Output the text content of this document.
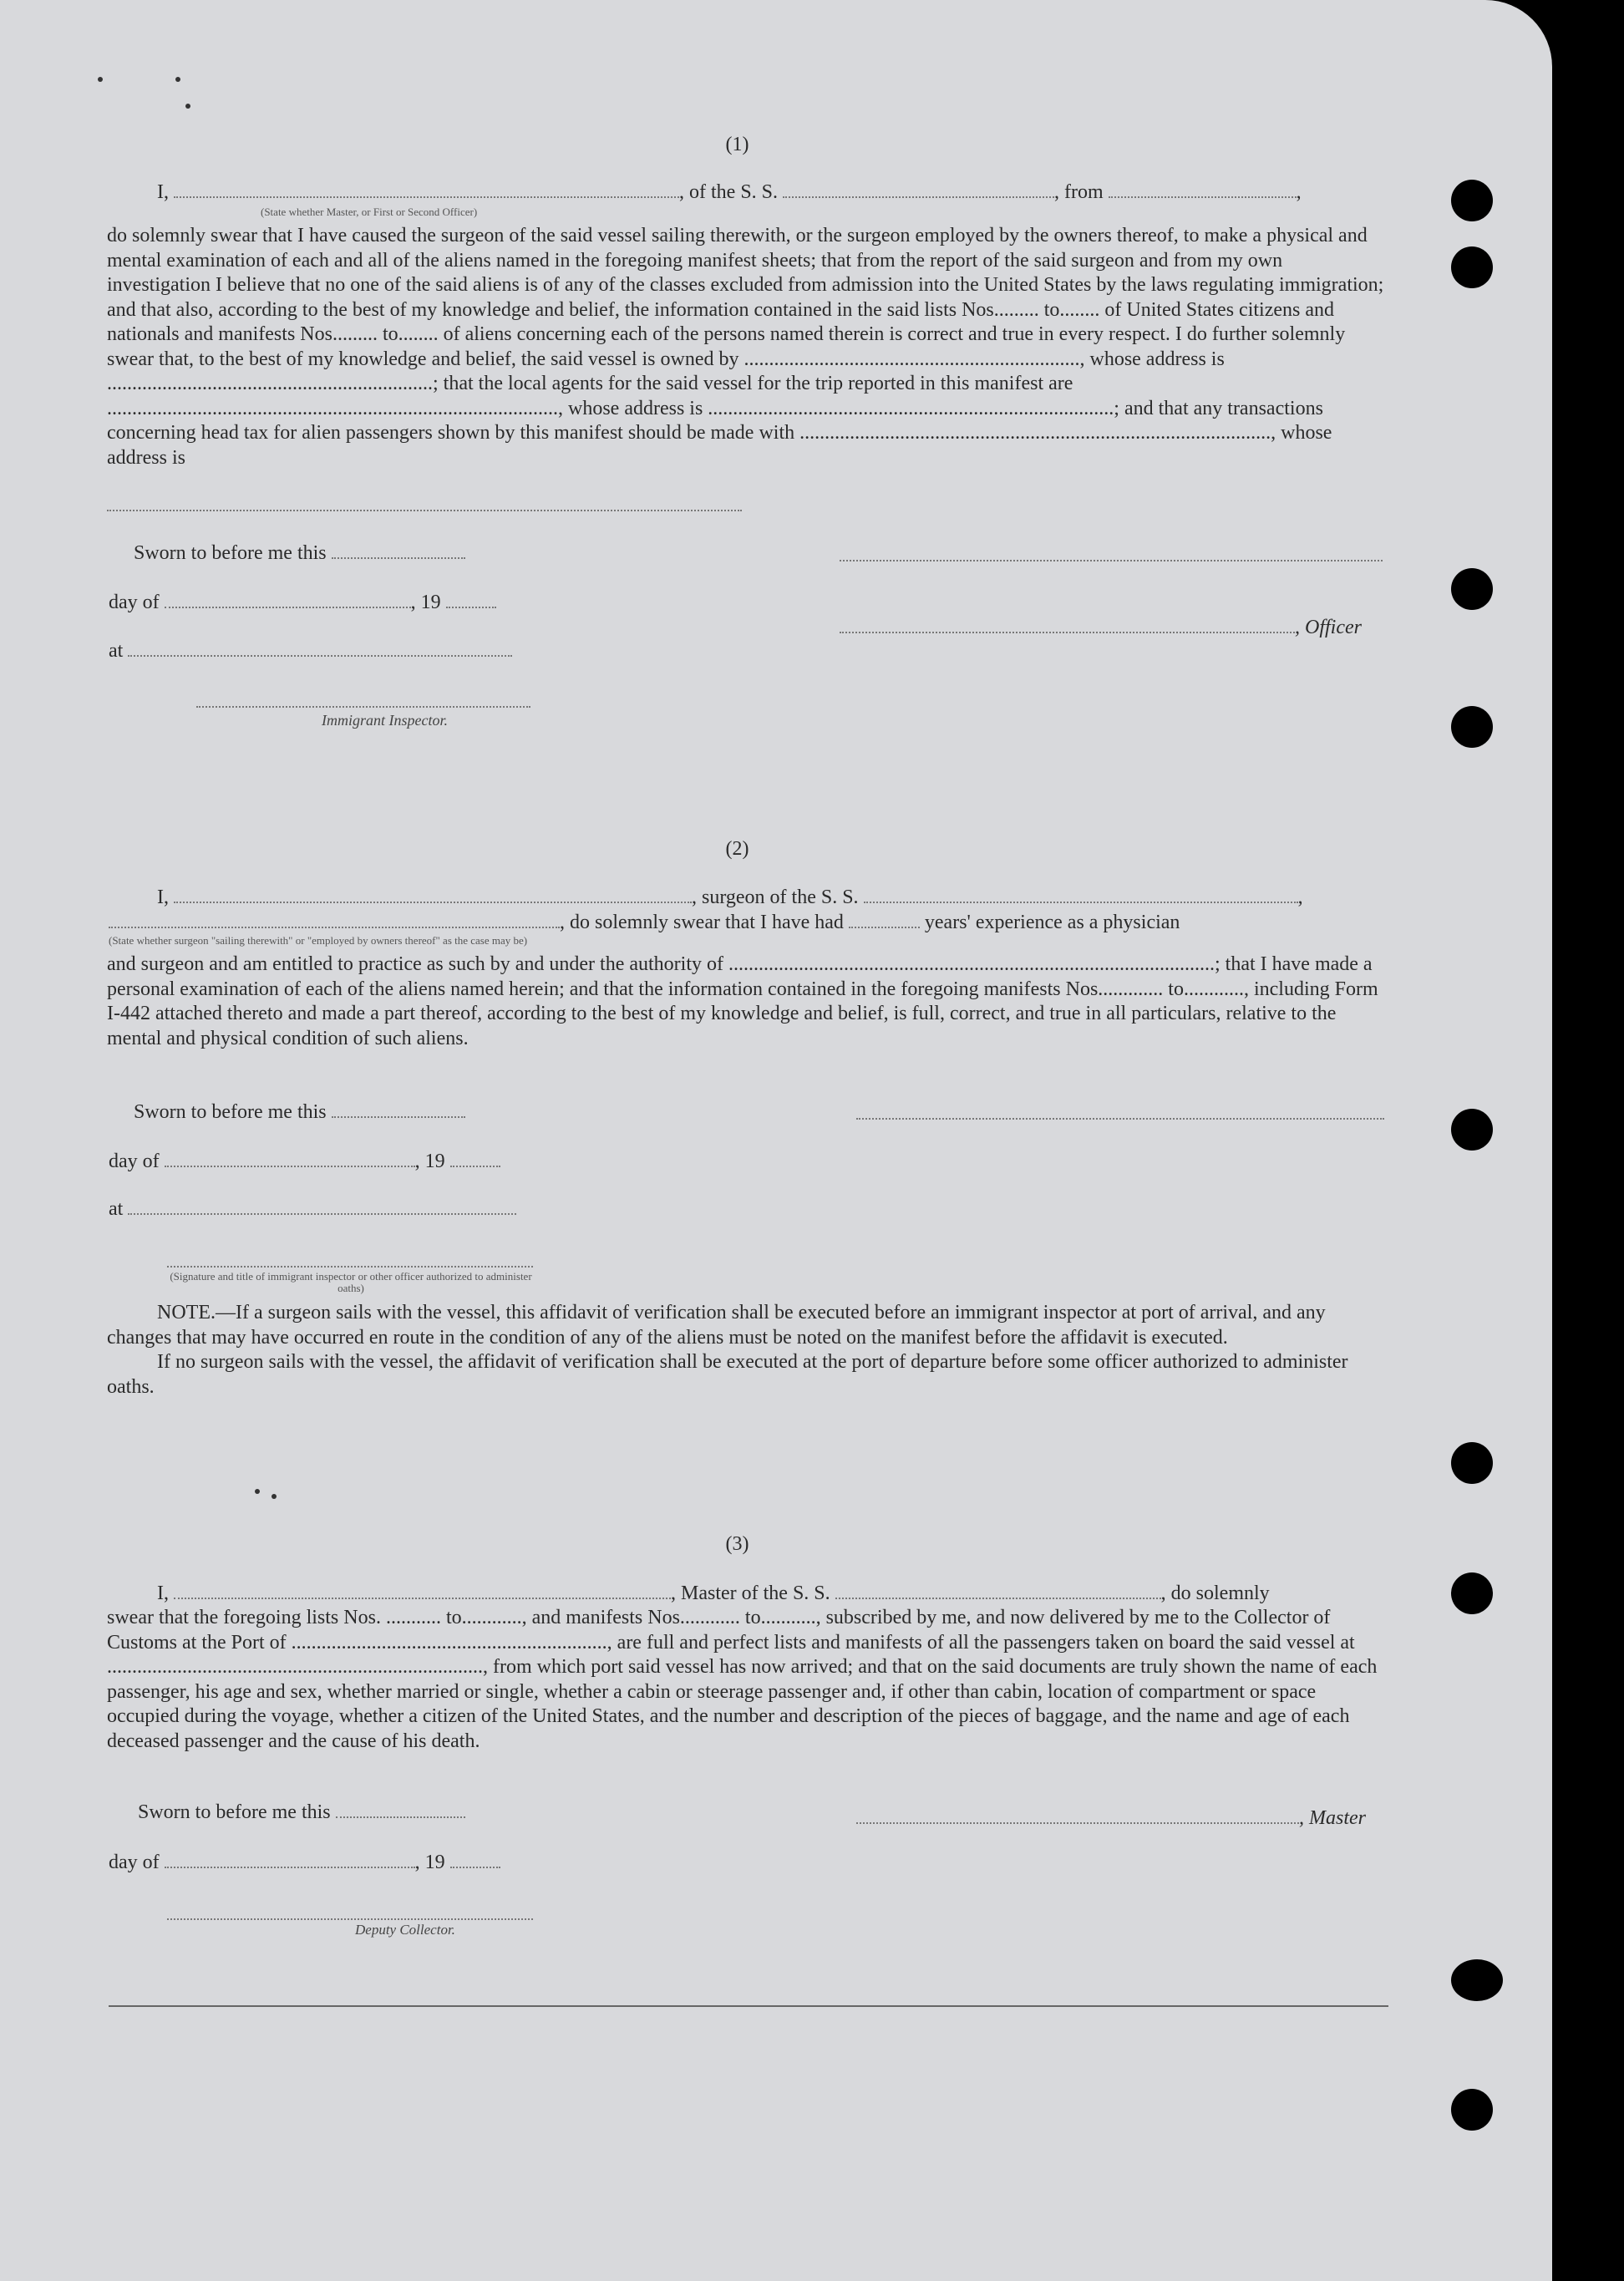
(1)
I,	, of the S. S.	, from	,
(State whether Master, or First or Second Officer)
do solemnly swear that I have caused the surgeon of the said vessel sailing therewith, or the surgeon employed by the owners thereof, to make a physical and mental examination of each and all of the aliens named in the foregoing manifest sheets; that from the report of the said surgeon and from my own investigation I believe that no one of the said aliens is of any of the classes excluded from admission into the United States by the laws regulating immigration; and that also, according to the best of my knowledge and belief, the information contained in the said lists Nos......... to........ of United States citizens and nationals and manifests Nos......... to........ of aliens concerning each of the persons named therein is correct and true in every respect. I do further solemnly swear that, to the best of my knowledge and belief, the said vessel is owned by ..................................................................., whose address is .................................................................; that the local agents for the said vessel for the trip reported in this manifest are .........................................................................................., whose address is .................................................................................; and that any transactions concerning head tax for alien passengers shown by this manifest should be made with .............................................................................................., whose address is
Sworn to before me this
day of	, 19
, Officer
at
Immigrant Inspector.
(2)
I,	, surgeon of the S. S.	,
, do solemnly swear that I have had	years' experience as a physician
(State whether surgeon "sailing therewith" or "employed by owners thereof" as the case may be)
and surgeon and am entitled to practice as such by and under the authority of .................................................................................................; that I have made a personal examination of each of the aliens named herein; and that the information contained in the foregoing manifests Nos............. to............, including Form I-442 attached thereto and made a part thereof, according to the best of my knowledge and belief, is full, correct, and true in all particulars, relative to the mental and physical condition of such aliens.
Sworn to before me this
day of	, 19
at
(Signature and title of immigrant inspector or other officer authorized to administer oaths)
NOTE.—If a surgeon sails with the vessel, this affidavit of verification shall be executed before an immigrant inspector at port of arrival, and any changes that may have occurred en route in the condition of any of the aliens must be noted on the manifest before the affidavit is executed.
If no surgeon sails with the vessel, the affidavit of verification shall be executed at the port of departure before some officer authorized to administer oaths.
(3)
I,	, Master of the S. S.	, do solemnly
swear that the foregoing lists Nos. ........... to............, and manifests Nos............ to..........., subscribed by me, and now delivered by me to the Collector of Customs at the Port of ..............................................................., are full and perfect lists and manifests of all the passengers taken on board the said vessel at ..........................................................................., from which port said vessel has now arrived; and that on the said documents are truly shown the name of each passenger, his age and sex, whether married or single, whether a cabin or steerage passenger and, if other than cabin, location of compartment or space occupied during the voyage, whether a citizen of the United States, and the number and description of the pieces of baggage, and the name and age of each deceased passenger and the cause of his death.
Sworn to before me this	, Master
day of	, 19
Deputy Collector.
